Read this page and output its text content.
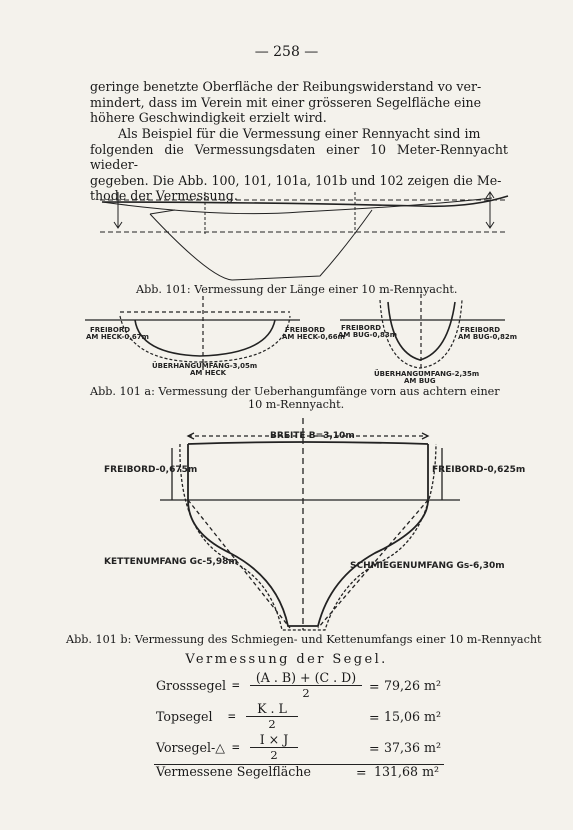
— 258 —
geringe benetzte Oberfläche der Reibungswiderstand vo ver-
mindert, dass im Verein mit einer grösseren Segelfläche eine
höhere Geschwindigkeit erzielt wird.
Als Beispiel für die Vermessung einer Rennyacht sind im
folgenden die Vermessungsdaten einer 10 Meter-Rennyacht wieder-
gegeben. Die Abb. 100, 101, 101a, 101b und 102 zeigen die Me-
thode der Vermessung.
Abb. 101: Vermessung der Länge einer 10 m-Rennyacht.
FREIBORD
AM HECK-0,67m
FREIBORD
AM HECK-0,66m
ÜBERHANGUMFANG-3,05m
AM HECK
FREIBORD
AM BUG-0,83m
FREIBORD
AM BUG-0,82m
ÜBERHANGUMFANG-2,35m
AM BUG
Abb. 101 a: Vermessung der Ueberhangumfänge vorn aus achtern einer
10 m-Rennyacht.
BREITE B=3,10m
FREIBORD-0,675m	FREIBORD-0,625m
KETTENUMFANG Gc-5,98m	SCHMIEGENUMFANG Gs-6,30m
Abb. 101 b: Vermessung des Schmiegen- und Kettenumfangs einer 10 m-Rennyacht
Vermessung der Segel.
Grosssegel = $\frac{(A . B) + (C . D)}{2} = 79,26$ m²
Topsegel = $\frac{K . L}{2}$	= 15,06 m²
Vorsegel-△ = $\frac{I \times J}{2}$	= 37,36 m²
Vermessene Segelfläche	= 131,68 m²
